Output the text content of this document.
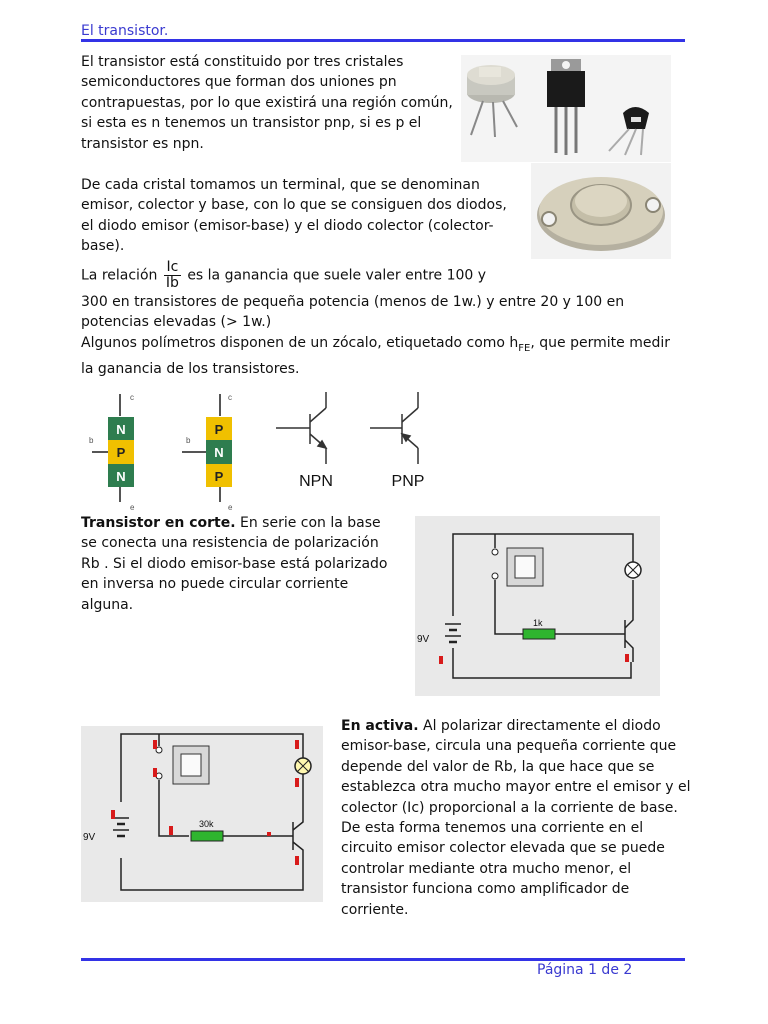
El transistor.

El transistor está constituido por tres cristales semiconductores que forman dos uniones pn contrapuestas, por lo que existirá una región común, si esta es n tenemos un transistor pnp, si es p el transistor es npn.

De cada cristal tomamos un terminal, que se denominan emisor, colector y base, con lo que se consiguen dos diodos, el diodo emisor (emisor-base) y el diodo colector (colector-base).

La relación $\frac{Ic}{Ib}$ es la ganancia que suele valer entre 100 y

300 en transistores de pequeña potencia (menos de 1w.) y entre 20 y 100 en potencias elevadas (> 1w.)

Algunos polímetros disponen de un zócalo, etiquetado como $h_{FE}$, que permite medir la ganancia de los transistores.

N
P
N
c
b
e
P
N
P
c
b
e
NPN	PNP

Transistor en corte. En serie con la base se conecta una resistencia de polarización Rb . Si el diodo emisor-base está polarizado en inversa no puede circular corriente alguna.

1k
9V
30k
9V

En activa. Al polarizar directamente el diodo emisor-base, circula una pequeña corriente que depende del valor de Rb, la que hace que se establezca otra mucho mayor entre el emisor y el colector (Ic) proporcional a la corriente de base. De esta forma tenemos una corriente en el circuito emisor colector elevada que se puede controlar mediante otra mucho menor, el transistor funciona como amplificador de corriente.

Página 1 de 2
